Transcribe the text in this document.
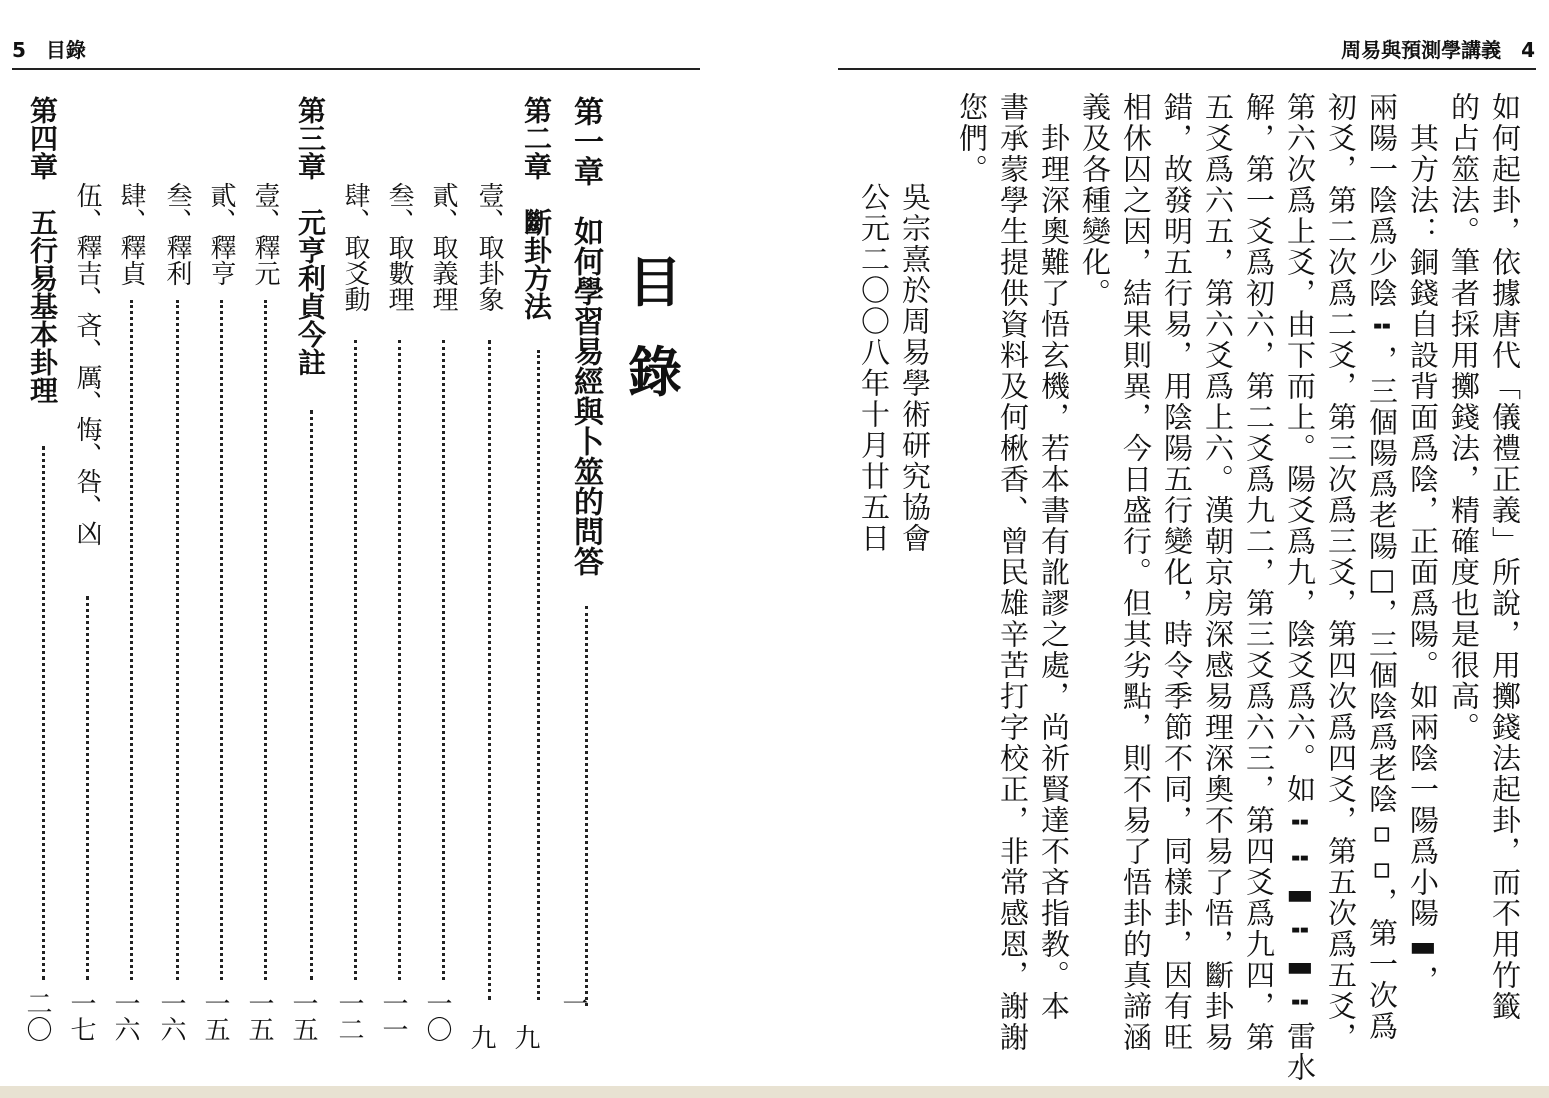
5　目錄
目
錄
第一章　如何學習易經與卜筮的問答
一
第二章　斷卦方法
九
壹、取卦象
九
貳、取義理
一〇
叁、取數理
一一
肆、取爻動
一二
第三章　元亨利貞今註
一五
壹、釋元
一五
貳、釋亨
一五
叁、釋利
一六
肆、釋貞
一六
伍、釋吉、吝、厲、悔、咎、凶
一七
第四章　五行易基本卦理
二〇
周易與預測學講義　4
如何起卦，依據唐代「儀禮正義」所說，用擲錢法起卦，而不用竹籤
的占筮法。筆者採用擲錢法，精確度也是很高。
　其方法：銅錢自設背面爲陰，正面爲陽。如兩陰一陽爲小陽▬，
兩陽一陰爲少陰╍，三個陽爲老陽□，三個陰爲老陰▫▫，第一次爲
初爻，第二次爲二爻，第三次爲三爻，第四次爲四爻，第五次爲五爻，
第六次爲上爻，由下而上。陽爻爲九，陰爻爲六。如╍╍▬╍▬╍雷水
解，第一爻爲初六，第二爻爲九二，第三爻爲六三，第四爻爲九四，第
五爻爲六五，第六爻爲上六。漢朝京房深感易理深奧不易了悟，斷卦易
錯，故發明五行易，用陰陽五行變化，時令季節不同，同樣卦，因有旺
相休囚之因，結果則異，今日盛行。但其劣點，則不易了悟卦的真諦涵
義及各種變化。
　卦理深奧難了悟玄機，若本書有訛謬之處，尚祈賢達不吝指教。本
書承蒙學生提供資料及何楸香、曾民雄辛苦打字校正，非常感恩，謝謝
您們。
　　吳宗熹於周易學術研究協會
　　公元二〇〇八年十月廿五日
